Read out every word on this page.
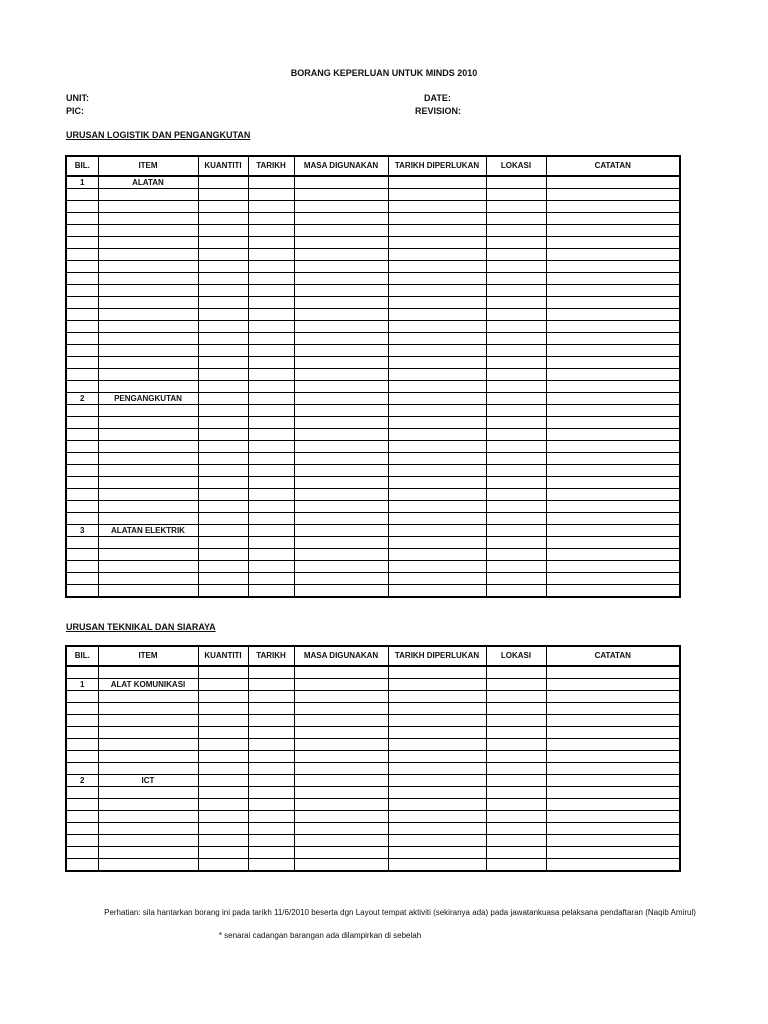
BORANG KEPERLUAN UNTUK MINDS 2010
UNIT:
PIC:
DATE:
REVISION:
URUSAN LOGISTIK DAN PENGANGKUTAN
BIL.	ITEM	KUANTITI	TARIKH	MASA DIGUNAKAN	TARIKH DIPERLUKAN	LOKASI	CATATAN
1	ALATAN						

2	PENGANGKUTAN						

3	ALATAN ELEKTRIK						

URUSAN TEKNIKAL DAN SIARAYA
BIL.	ITEM	KUANTITI	TARIKH	MASA DIGUNAKAN	TARIKH DIPERLUKAN	LOKASI	CATATAN

1	ALAT KOMUNIKASI						

2	ICT						

Perhatian: sila hantarkan borang ini pada tarikh 11/6/2010 beserta dgn Layout tempat aktiviti (sekiranya ada) pada jawatankuasa pelaksana pendaftaran (Naqib Amirul)
* senarai cadangan barangan ada dilampirkan di sebelah
